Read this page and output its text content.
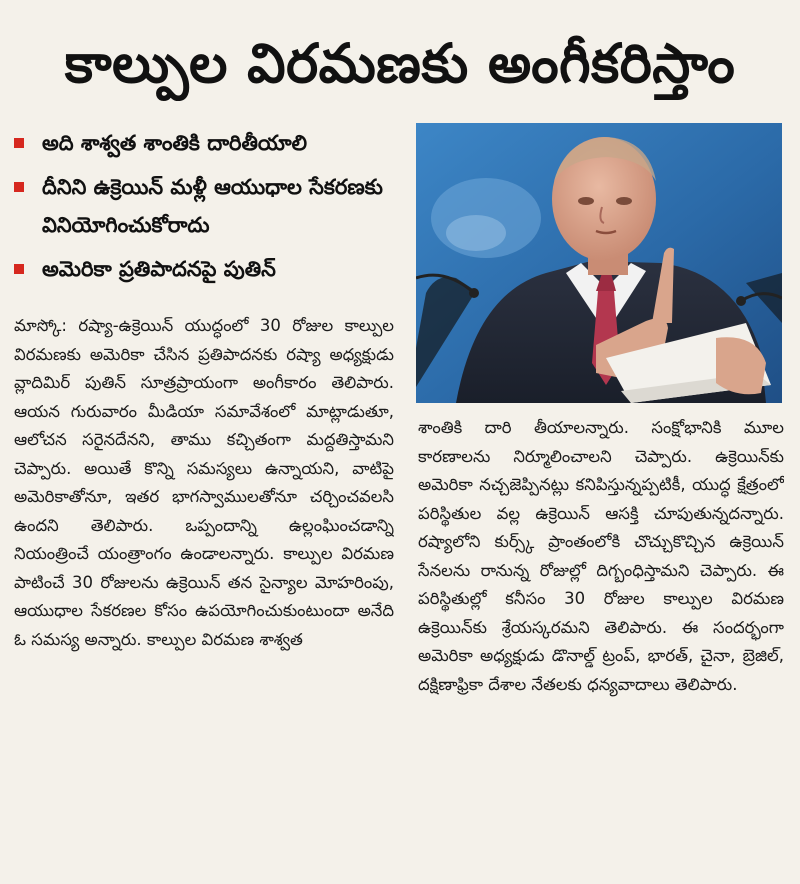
కాల్పుల విరమణకు అంగీకరిస్తాం
అది శాశ్వత శాంతికి దారితీయాలి
దీనిని ఉక్రెయిన్ మళ్లీ ఆయుధాల సేకరణకు వినియోగించుకోరాదు
అమెరికా ప్రతిపాదనపై పుతిన్

మాస్కో: రష్యా-ఉక్రెయిన్ యుద్ధంలో 30 రోజుల కాల్పుల విరమణకు అమెరికా చేసిన ప్రతిపాదనకు రష్యా అధ్యక్షుడు వ్లాదిమిర్ పుతిన్ సూత్రప్రాయంగా అంగీకారం తెలిపారు. ఆయన గురువారం మీడియా సమావేశంలో మాట్లాడుతూ, ఆలోచన సరైనదేనని, తాము కచ్చితంగా మద్దతిస్తామని చెప్పారు. అయితే కొన్ని సమస్యలు ఉన్నాయని, వాటిపై అమెరికాతోనూ, ఇతర భాగస్వాములతోనూ చర్చించవలసి ఉందని తెలిపారు. ఒప్పందాన్ని ఉల్లంఘించడాన్ని నియంత్రించే యంత్రాంగం ఉండాలన్నారు. కాల్పుల విరమణ పాటించే 30 రోజులను ఉక్రెయిన్ తన సైన్యాల మోహరింపు, ఆయుధాల సేకరణల కోసం ఉపయోగించుకుంటుందా అనేది ఓ సమస్య అన్నారు. కాల్పుల విరమణ శాశ్వత

శాంతికి దారి తీయాలన్నారు. సంక్షోభానికి మూల కారణాలను నిర్మూలించాలని చెప్పారు. ఉక్రెయిన్‌కు అమెరికా నచ్చజెప్పినట్లు కనిపిస్తున్నప్పటికీ, యుద్ధ క్షేత్రంలో పరిస్థితుల వల్ల ఉక్రెయిన్ ఆసక్తి చూపుతున్నదన్నారు. రష్యాలోని కుర్స్క్ ప్రాంతంలోకి చొచ్చుకొచ్చిన ఉక్రెయిన్ సేనలను రానున్న రోజుల్లో దిగ్బంధిస్తామని చెప్పారు. ఈ పరిస్థితుల్లో కనీసం 30 రోజుల కాల్పుల విరమణ ఉక్రెయిన్‌కు శ్రేయస్కరమని తెలిపారు. ఈ సందర్భంగా అమెరికా అధ్యక్షుడు డొనాల్డ్ ట్రంప్, భారత్, చైనా, బ్రెజిల్, దక్షిణాఫ్రికా దేశాల నేతలకు ధన్యవాదాలు తెలిపారు.
